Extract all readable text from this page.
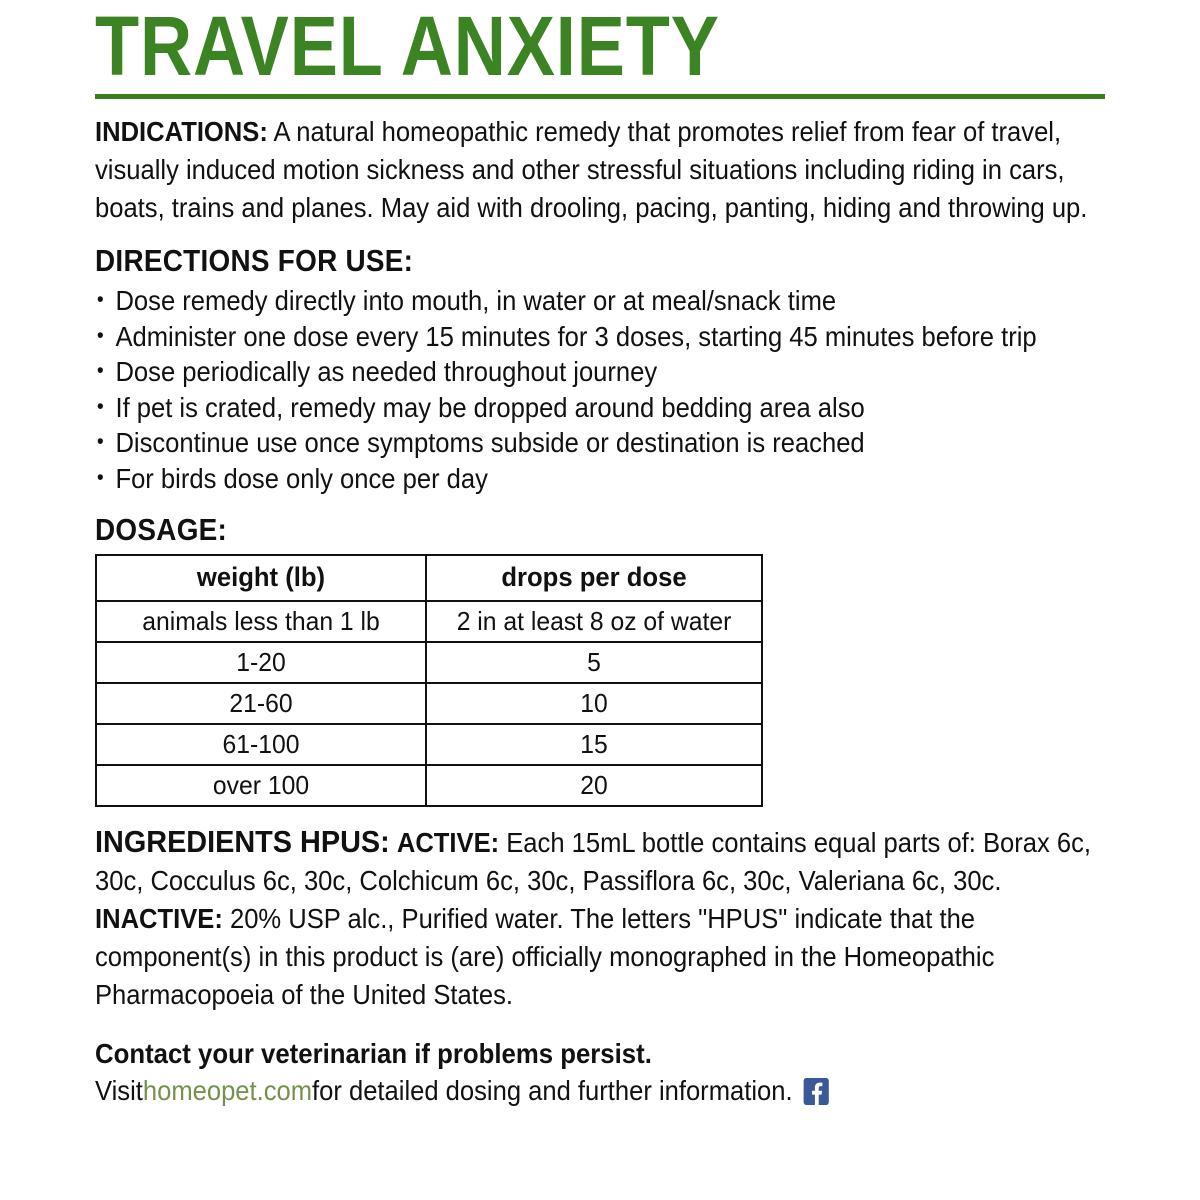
TRAVEL ANXIETY
INDICATIONS: A natural homeopathic remedy that promotes relief from fear of travel, visually induced motion sickness and other stressful situations including riding in cars, boats, trains and planes. May aid with drooling, pacing, panting, hiding and throwing up.
DIRECTIONS FOR USE:
• Dose remedy directly into mouth, in water or at meal/snack time
• Administer one dose every 15 minutes for 3 doses, starting 45 minutes before trip
• Dose periodically as needed throughout journey
• If pet is crated, remedy may be dropped around bedding area also
• Discontinue use once symptoms subside or destination is reached
• For birds dose only once per day
DOSAGE:
weight (lb)	drops per dose

animals less than 1 lb	2 in at least 8 oz of water

1-20	5

21-60	10

61-100	15

over 100	20
INGREDIENTS HPUS: ACTIVE: Each 15mL bottle contains equal parts of: Borax 6c, 30c, Cocculus 6c, 30c, Colchicum 6c, 30c, Passiflora 6c, 30c, Valeriana 6c, 30c. INACTIVE: 20% USP alc., Purified water. The letters "HPUS" indicate that the component(s) in this product is (are) officially monographed in the Homeopathic Pharmacopoeia of the United States.
Contact your veterinarian if problems persist.
Visit homeopet.com for detailed dosing and further information.
